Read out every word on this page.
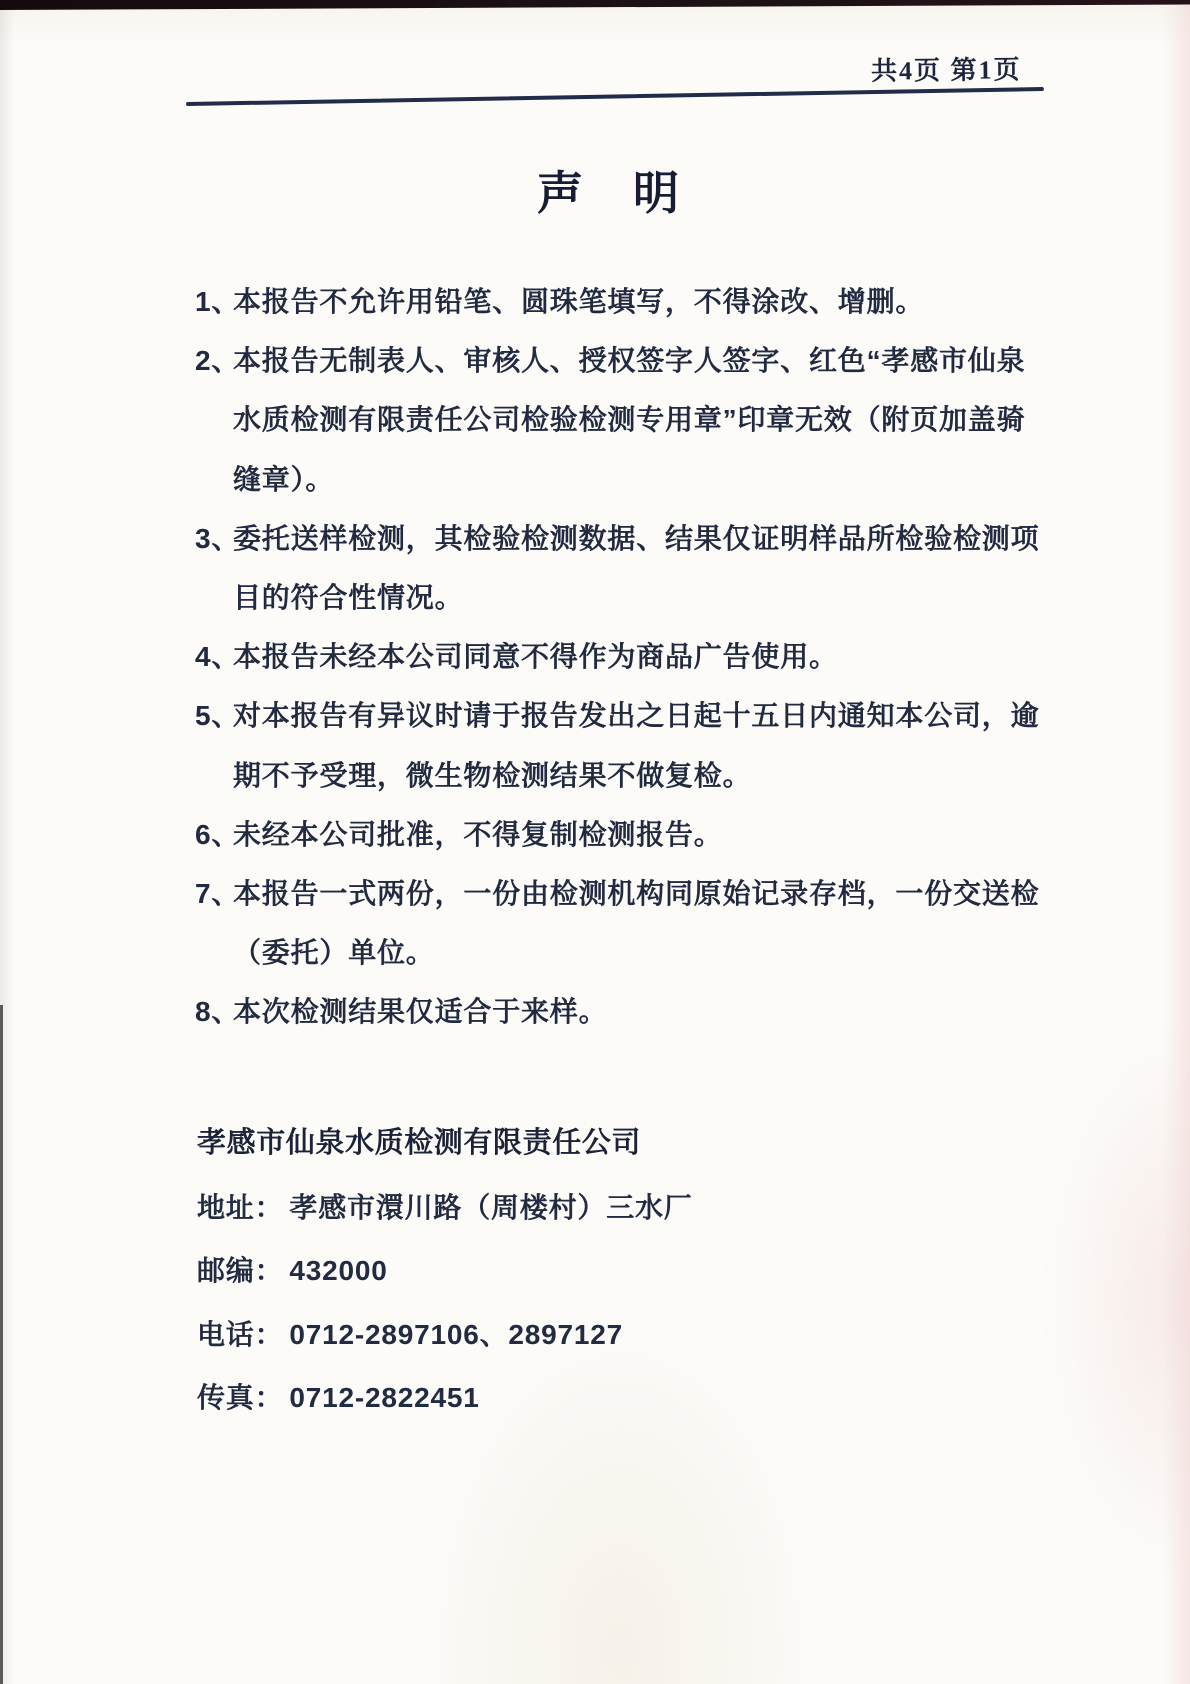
共4页 第1页
声明
1、
本报告不允许用铅笔、圆珠笔填写，不得涂改、增删。
2、
本报告无制表人、审核人、授权签字人签字、红色“孝感市仙泉
水质检测有限责任公司检验检测专用章”印章无效（附页加盖骑
缝章）。
3、
委托送样检测，其检验检测数据、结果仅证明样品所检验检测项
目的符合性情况。
4、
本报告未经本公司同意不得作为商品广告使用。
5、
对本报告有异议时请于报告发出之日起十五日内通知本公司，逾
期不予受理，微生物检测结果不做复检。
6、
未经本公司批准，不得复制检测报告。
7、
本报告一式两份，一份由检测机构同原始记录存档，一份交送检
（委托）单位。
8、
本次检测结果仅适合于来样。
孝感市仙泉水质检测有限责任公司
地址： 孝感市澴川路（周楼村）三水厂
邮编： 432000
电话： 0712-2897106、2897127
传真： 0712-2822451
